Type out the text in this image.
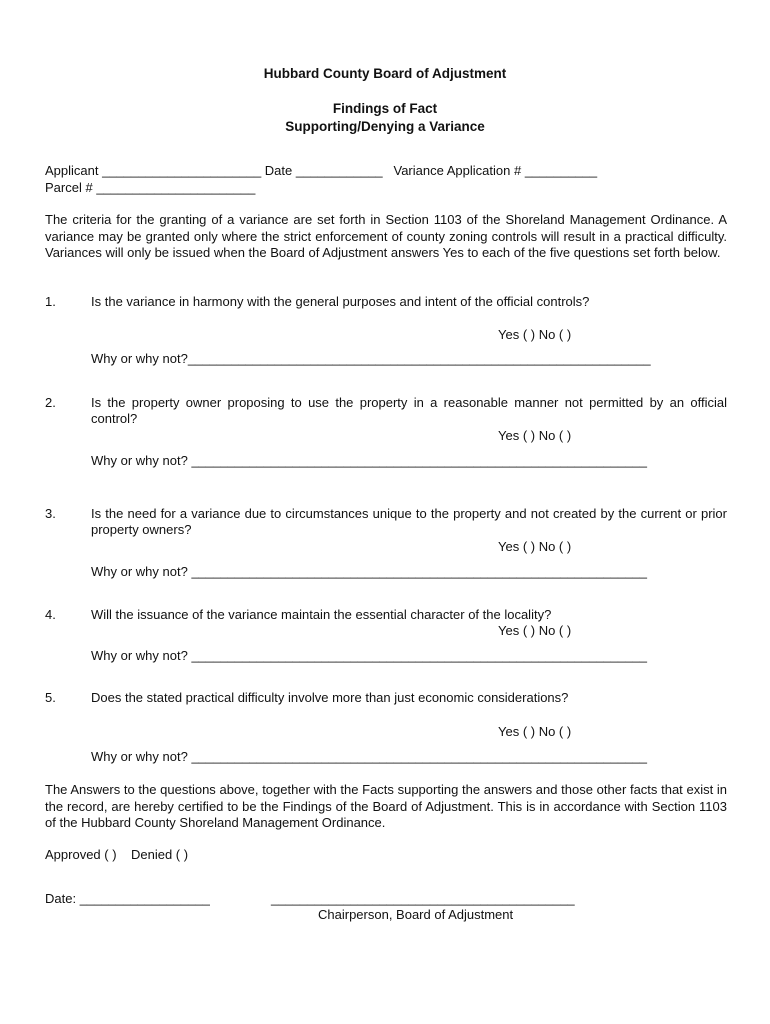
Hubbard County Board of Adjustment
Findings of Fact
Supporting/Denying a Variance
Applicant ______________________ Date ____________ Variance Application # __________
Parcel # ______________________
The criteria for the granting of a variance are set forth in Section 1103 of the Shoreland Management Ordinance. A variance may be granted only where the strict enforcement of county zoning controls will result in a practical difficulty. Variances will only be issued when the Board of Adjustment answers Yes to each of the five questions set forth below.
1.	Is the variance in harmony with the general purposes and intent of the official controls?
Yes ( ) No ( )
Why or why not?________________________________________________________________
2.	Is the property owner proposing to use the property in a reasonable manner not permitted by an official control?
Yes ( ) No ( )
Why or why not? _______________________________________________________________
3.	Is the need for a variance due to circumstances unique to the property and not created by the current or prior property owners?
Yes ( ) No ( )
Why or why not? _______________________________________________________________
4.	Will the issuance of the variance maintain the essential character of the locality?
Yes ( ) No ( )
Why or why not? _______________________________________________________________
5.	Does the stated practical difficulty involve more than just economic considerations?
Yes ( ) No ( )
Why or why not? _______________________________________________________________
The Answers to the questions above, together with the Facts supporting the answers and those other facts that exist in the record, are hereby certified to be the Findings of the Board of Adjustment. This is in accordance with Section 1103 of the Hubbard County Shoreland Management Ordinance.
Approved ( ) Denied ( )
Date: __________________	__________________________________________
Chairperson, Board of Adjustment
